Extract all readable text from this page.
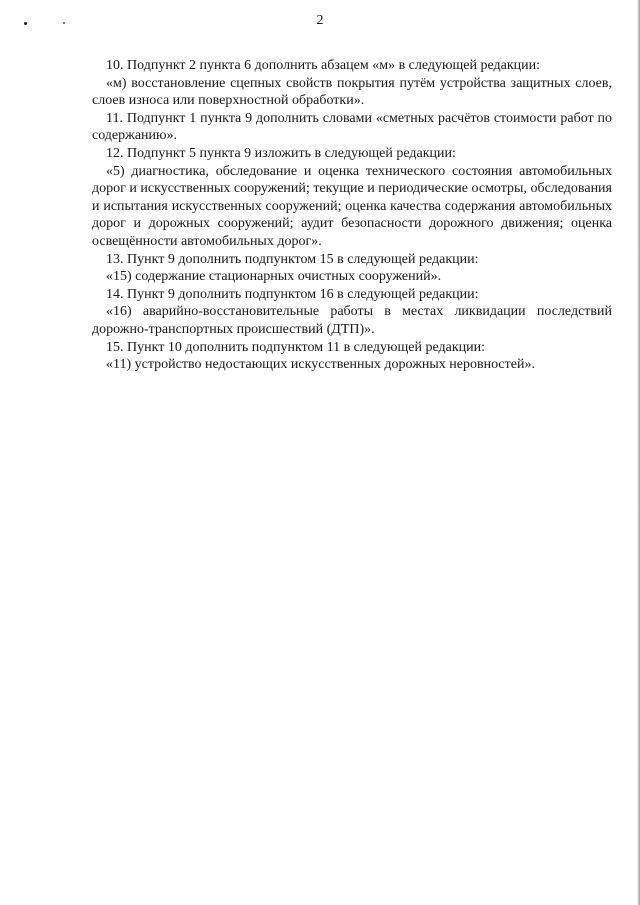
2

10. Подпункт 2 пункта 6 дополнить абзацем «м» в следующей редакции:

«м) восстановление сцепных свойств покрытия путём устройства защитных слоев, слоев износа или поверхностной обработки».

11. Подпункт 1 пункта 9 дополнить словами «сметных расчётов стоимости работ по содержанию».

12. Подпункт 5 пункта 9 изложить в следующей редакции:

«5) диагностика, обследование и оценка технического состояния автомобильных дорог и искусственных сооружений; текущие и периодические осмотры, обследования и испытания искусственных сооружений; оценка качества содержания автомобильных дорог и дорожных сооружений; аудит безопасности дорожного движения; оценка освещённости автомобильных дорог».

13. Пункт 9 дополнить подпунктом 15 в следующей редакции:

«15) содержание стационарных очистных сооружений».

14. Пункт 9 дополнить подпунктом 16 в следующей редакции:

«16) аварийно-восстановительные работы в местах ликвидации последствий дорожно-транспортных происшествий (ДТП)».

15. Пункт 10 дополнить подпунктом 11 в следующей редакции:

«11) устройство недостающих искусственных дорожных неровностей».
